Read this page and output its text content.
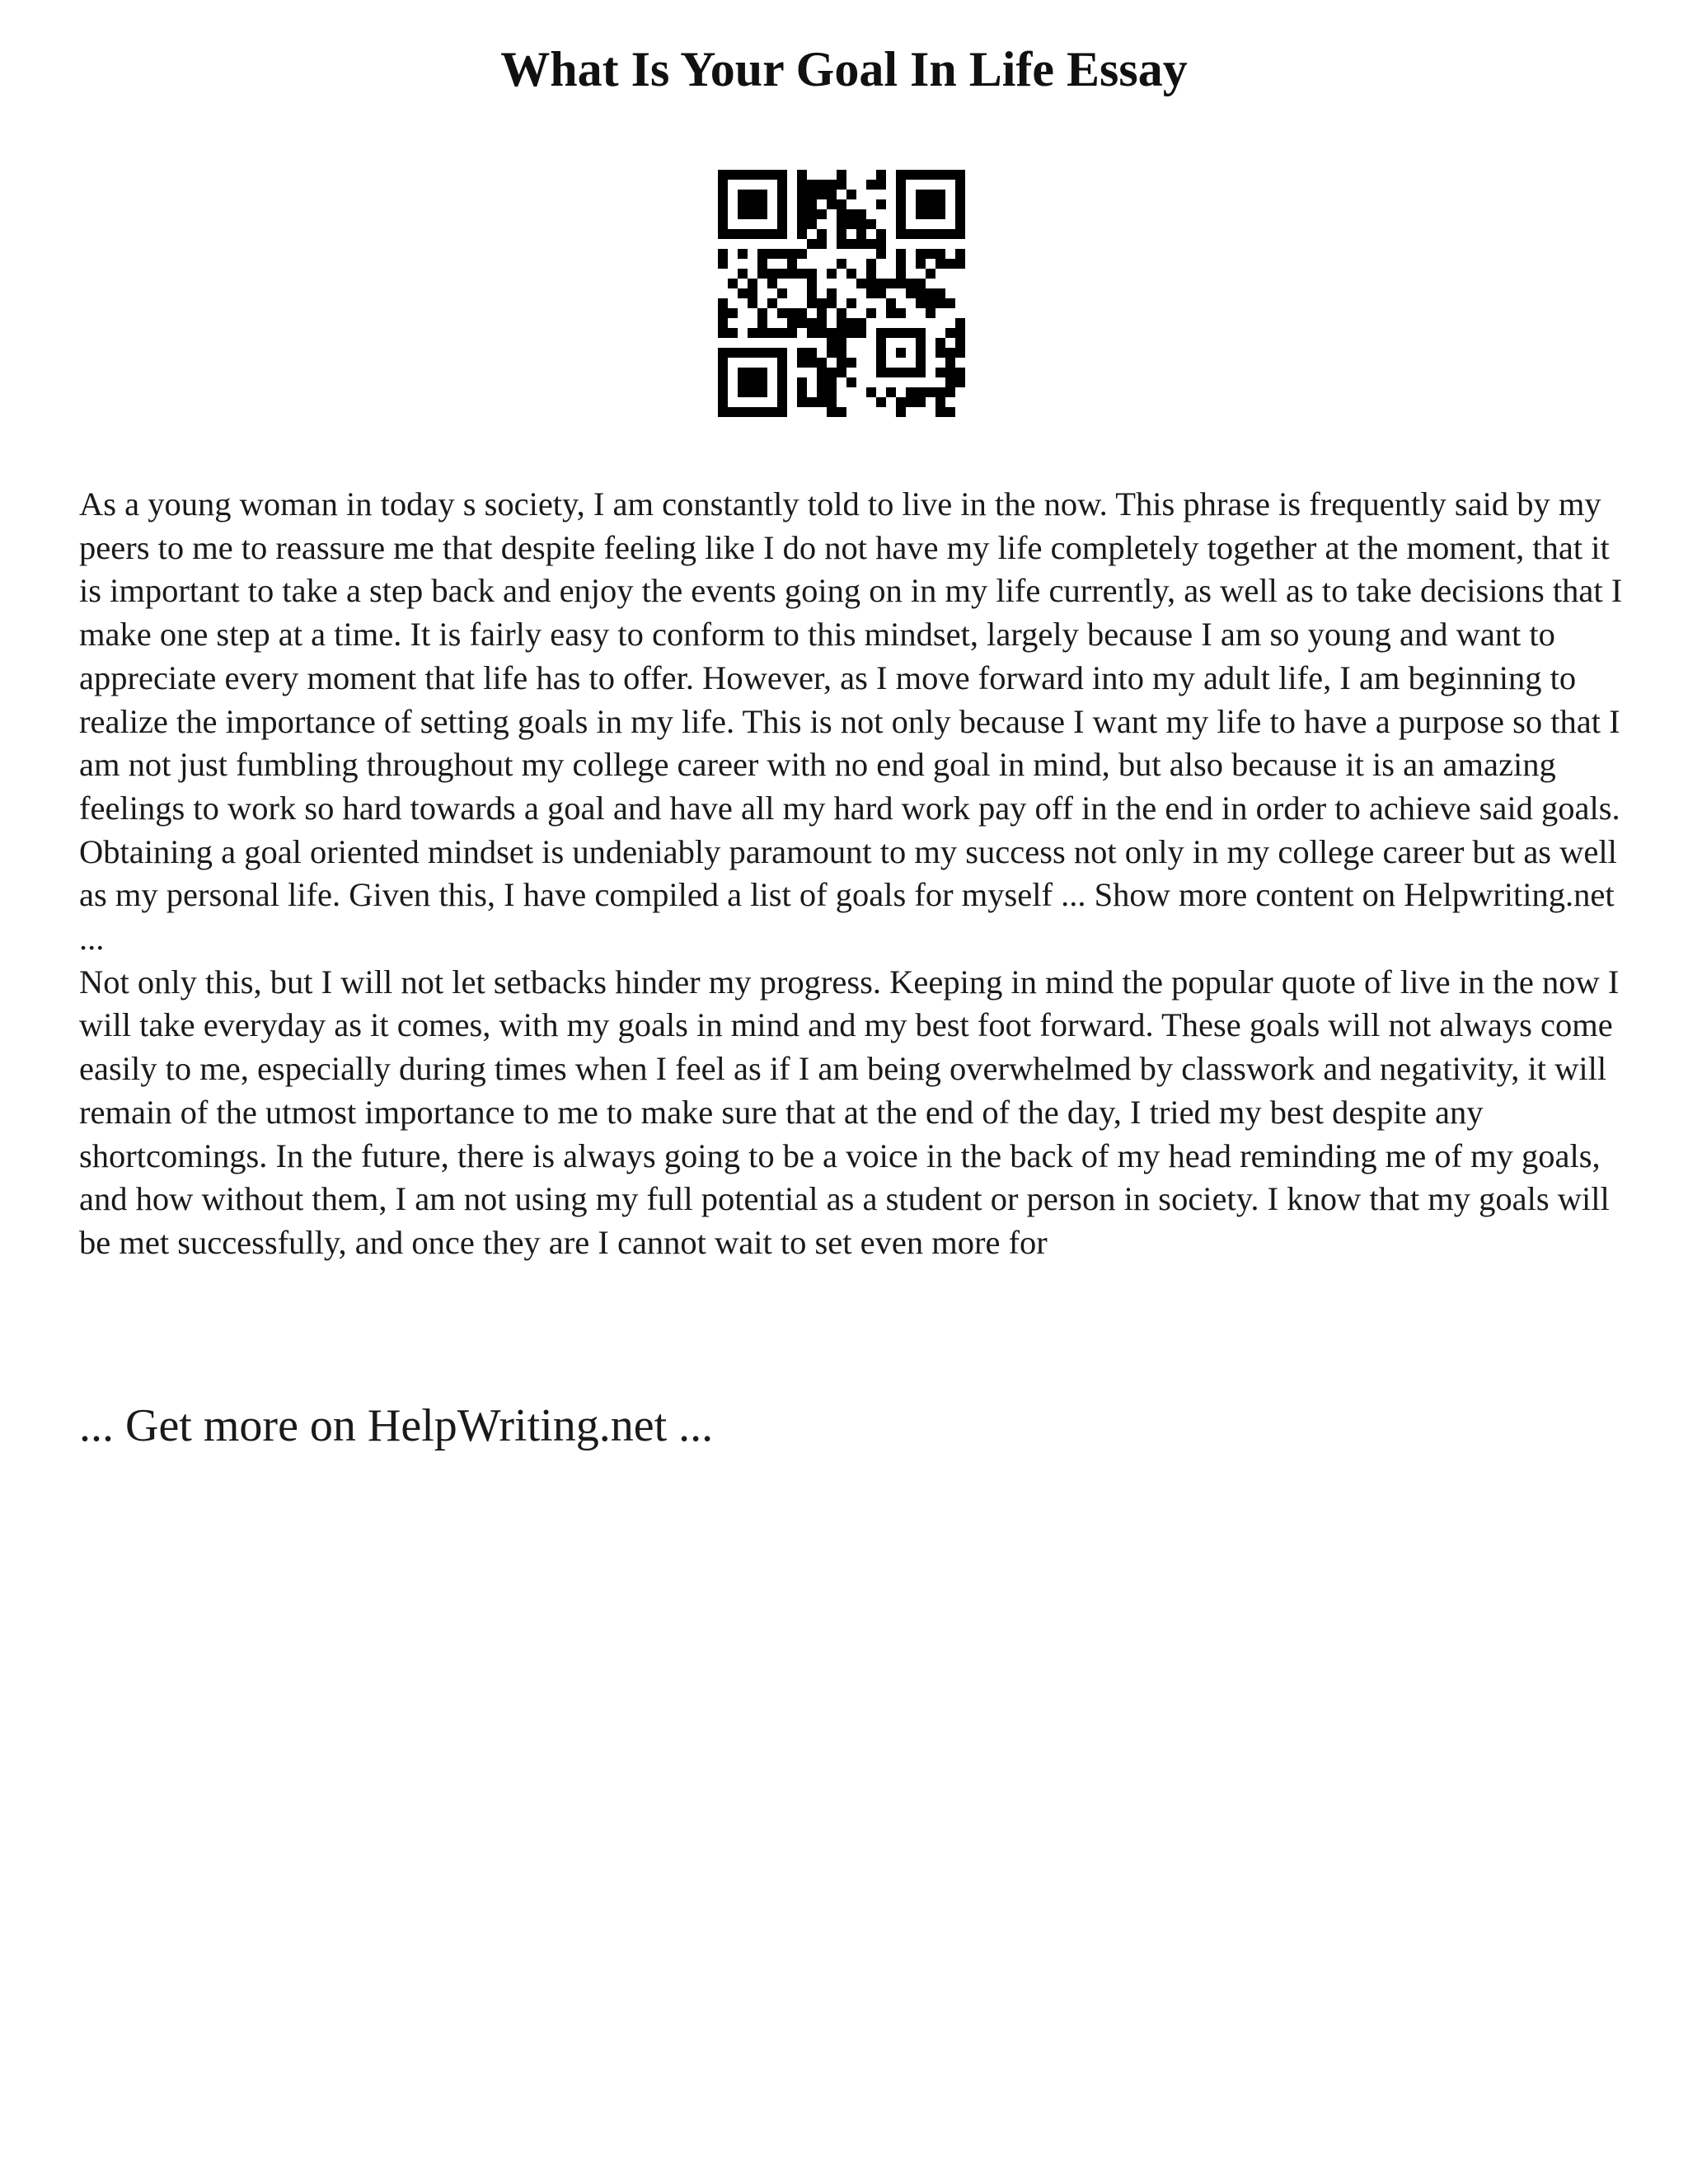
What Is Your Goal In Life Essay

As a young woman in today s society, I am constantly told to live in the now. This phrase is frequently said by my peers to me to reassure me that despite feeling like I do not have my life completely together at the moment, that it is important to take a step back and enjoy the events going on in my life currently, as well as to take decisions that I make one step at a time. It is fairly easy to conform to this mindset, largely because I am so young and want to appreciate every moment that life has to offer. However, as I move forward into my adult life, I am beginning to realize the importance of setting goals in my life. This is not only because I want my life to have a purpose so that I am not just fumbling throughout my college career with no end goal in mind, but also because it is an amazing feelings to work so hard towards a goal and have all my hard work pay off in the end in order to achieve said goals. Obtaining a goal oriented mindset is undeniably paramount to my success not only in my college career but as well as my personal life. Given this, I have compiled a list of goals for myself ... Show more content on Helpwriting.net ...

Not only this, but I will not let setbacks hinder my progress. Keeping in mind the popular quote of live in the now I will take everyday as it comes, with my goals in mind and my best foot forward. These goals will not always come easily to me, especially during times when I feel as if I am being overwhelmed by classwork and negativity, it will remain of the utmost importance to me to make sure that at the end of the day, I tried my best despite any shortcomings. In the future, there is always going to be a voice in the back of my head reminding me of my goals, and how without them, I am not using my full potential as a student or person in society. I know that my goals will be met successfully, and once they are I cannot wait to set even more for

... Get more on HelpWriting.net ...
